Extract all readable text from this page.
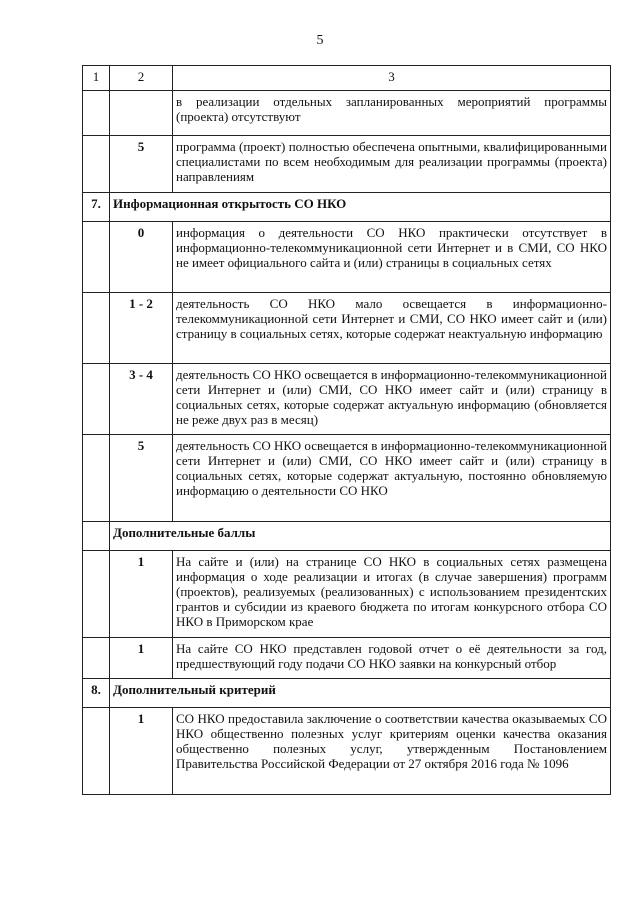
5
1	2	3
		в реализации отдельных запланированных мероприятий программы (проекта) отсутствуют
	5	программа (проект) полностью обеспечена опытными, квалифицированными специалистами по всем необходимым для реализации программы (проекта) направлениям
7.	Информационная открытость СО НКО	
	0	информация о деятельности СО НКО практически отсутствует в информационно-телекоммуникационной сети Интернет и в СМИ, СО НКО не имеет официального сайта и (или) страницы в социальных сетях
	1 - 2	деятельность СО НКО мало освещается в информационно-телекоммуникационной сети Интернет и СМИ, СО НКО имеет сайт и (или) страницу в социальных сетях, которые содержат неактуальную информацию
	3 - 4	деятельность СО НКО освещается в информационно-телекоммуникационной сети Интернет и (или) СМИ, СО НКО имеет сайт и (или) страницу в социальных сетях, которые содержат актуальную информацию (обновляется не реже двух раз в месяц)
	5	деятельность СО НКО освещается в информационно-телекоммуникационной сети Интернет и (или) СМИ, СО НКО имеет сайт и (или) страницу в социальных сетях, которые содержат актуальную, постоянно обновляемую информацию о деятельности СО НКО
	Дополнительные баллы	
	1	На сайте и (или) на странице СО НКО в социальных сетях размещена информация о ходе реализации и итогах (в случае завершения) программ (проектов), реализуемых (реализованных) с использованием президентских грантов и субсидии из краевого бюджета по итогам конкурсного отбора СО НКО в Приморском крае
	1	На сайте СО НКО представлен годовой отчет о её деятельности за год, предшествующий году подачи СО НКО заявки на конкурсный отбор
8.	Дополнительный критерий	
	1	СО НКО предоставила заключение о соответствии качества оказываемых СО НКО общественно полезных услуг критериям оценки качества оказания общественно полезных услуг, утвержденным Постановлением Правительства Российской Федерации от 27 октября 2016 года № 1096
